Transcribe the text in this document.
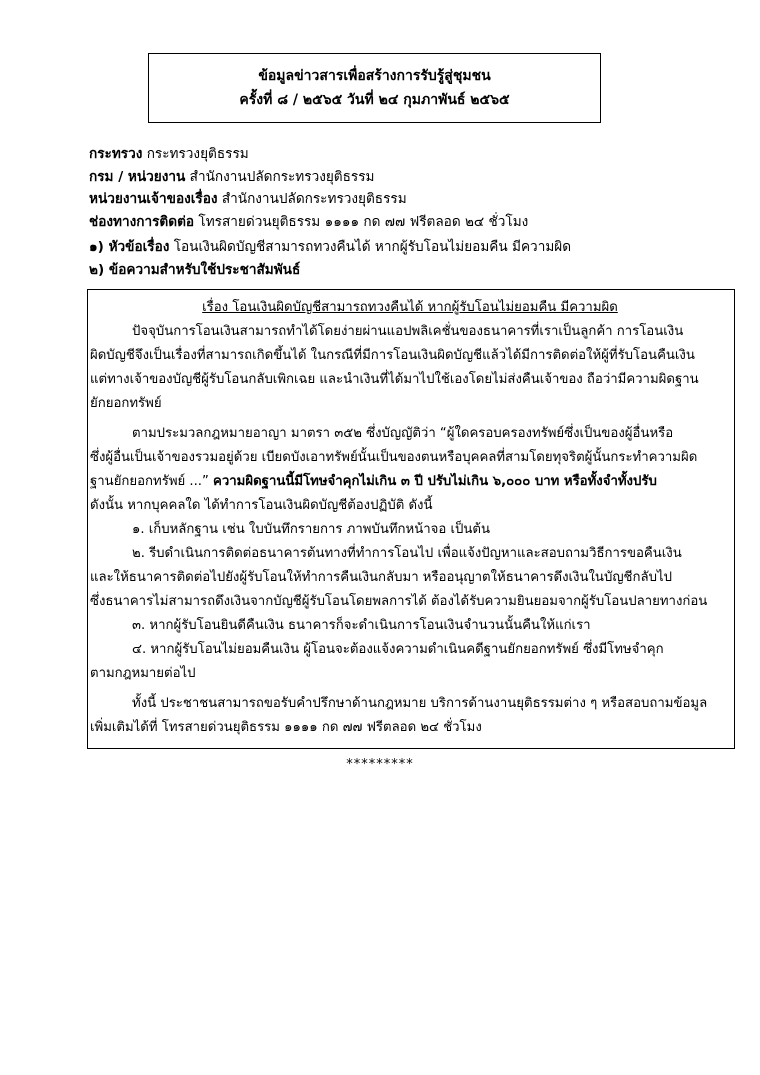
ข้อมูลข่าวสารเพื่อสร้างการรับรู้สู่ชุมชน
ครั้งที่ ๘ / ๒๕๖๕ วันที่ ๒๔ กุมภาพันธ์ ๒๕๖๕
กระทรวง กระทรวงยุติธรรม
กรม / หน่วยงาน สำนักงานปลัดกระทรวงยุติธรรม
หน่วยงานเจ้าของเรื่อง สำนักงานปลัดกระทรวงยุติธรรม
ช่องทางการติดต่อ โทรสายด่วนยุติธรรม ๑๑๑๑ กด ๗๗ ฟรีตลอด ๒๔ ชั่วโมง
๑) หัวข้อเรื่อง โอนเงินผิดบัญชีสามารถทวงคืนได้ หากผู้รับโอนไม่ยอมคืน มีความผิด
๒) ข้อความสำหรับใช้ประชาสัมพันธ์
เรื่อง โอนเงินผิดบัญชีสามารถทวงคืนได้ หากผู้รับโอนไม่ยอมคืน มีความผิด
ปัจจุบันการโอนเงินสามารถทำได้โดยง่ายผ่านแอปพลิเคชั่นของธนาคารที่เราเป็นลูกค้า การโอนเงิน
ผิดบัญชีจึงเป็นเรื่องที่สามารถเกิดขึ้นได้ ในกรณีที่มีการโอนเงินผิดบัญชีแล้วได้มีการติดต่อให้ผู้ที่รับโอนคืนเงิน
แต่ทางเจ้าของบัญชีผู้รับโอนกลับเพิกเฉย และนำเงินที่ได้มาไปใช้เองโดยไม่ส่งคืนเจ้าของ ถือว่ามีความผิดฐาน
ยักยอกทรัพย์
ตามประมวลกฎหมายอาญา มาตรา ๓๕๒ ซึ่งบัญญัติว่า “ผู้ใดครอบครองทรัพย์ซึ่งเป็นของผู้อื่นหรือ
ซึ่งผู้อื่นเป็นเจ้าของรวมอยู่ด้วย เบียดบังเอาทรัพย์นั้นเป็นของตนหรือบุคคลที่สามโดยทุจริตผู้นั้นกระทำความผิด
ฐานยักยอกทรัพย์ ...” ความผิดฐานนี้มีโทษจำคุกไม่เกิน ๓ ปี ปรับไม่เกิน ๖,๐๐๐ บาท หรือทั้งจำทั้งปรับ
ดังนั้น หากบุคคลใด ได้ทำการโอนเงินผิดบัญชีต้องปฏิบัติ ดังนี้
๑. เก็บหลักฐาน เช่น ใบบันทึกรายการ ภาพบันทึกหน้าจอ เป็นต้น
๒. รีบดำเนินการติดต่อธนาคารต้นทางที่ทำการโอนไป เพื่อแจ้งปัญหาและสอบถามวิธีการขอคืนเงิน
และให้ธนาคารติดต่อไปยังผู้รับโอนให้ทำการคืนเงินกลับมา หรืออนุญาตให้ธนาคารดึงเงินในบัญชีกลับไป
ซึ่งธนาคารไม่สามารถดึงเงินจากบัญชีผู้รับโอนโดยพลการได้ ต้องได้รับความยินยอมจากผู้รับโอนปลายทางก่อน
๓. หากผู้รับโอนยินดีคืนเงิน ธนาคารก็จะดำเนินการโอนเงินจำนวนนั้นคืนให้แก่เรา
๔. หากผู้รับโอนไม่ยอมคืนเงิน ผู้โอนจะต้องแจ้งความดำเนินคดีฐานยักยอกทรัพย์ ซึ่งมีโทษจำคุก
ตามกฎหมายต่อไป
ทั้งนี้ ประชาชนสามารถขอรับคำปรึกษาด้านกฎหมาย บริการด้านงานยุติธรรมต่าง ๆ หรือสอบถามข้อมูล
เพิ่มเติมได้ที่ โทรสายด่วนยุติธรรม ๑๑๑๑ กด ๗๗ ฟรีตลอด ๒๔ ชั่วโมง
*********
